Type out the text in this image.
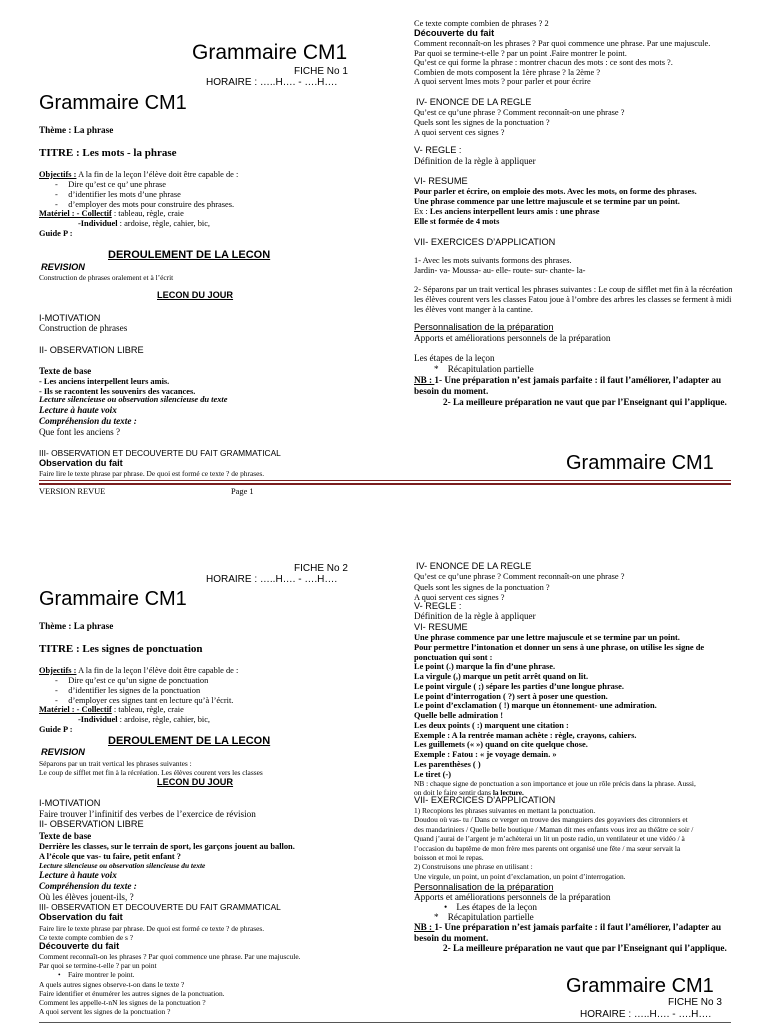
Grammaire CM1
FICHE No 1
HORAIRE : …..H…. - ….H….
Grammaire CM1
Thème : La phrase
TITRE : Les mots - la phrase
Objectifs : A la fin de la leçon l’élève doit être capable de :
-     Dire qu’est ce qu’ une phrase
-     d’identifier les mots d’une phrase
-     d’employer des mots pour construire des phrases.
Matériel : - Collectif : tableau, règle, craie
-Individuel : ardoise, règle, cahier, bic,
Guide P :
DEROULEMENT DE LA LECON
REVISION
Construction de phrases oralement et à l’écrit
LECON DU JOUR
I-MOTIVATION
Construction de phrases
II- OBSERVATION LIBRE
Texte de base
- Les anciens interpellent leurs amis.
- Ils se racontent les souvenirs des vacances.
Lecture silencieuse ou observation silencieuse du texte
Lecture à haute voix
Compréhension du texte :
Que font les anciens ?
III- OBSERVATION ET DECOUVERTE DU FAIT GRAMMATICAL
Observation du fait
Faire lire le texte phrase par phrase. De quoi est formé ce texte ? de phrases.
Ce texte compte combien de phrases ? 2
Découverte du fait
Comment reconnaît-on les phrases ? Par quoi commence une phrase. Par une majuscule.
Par quoi se termine-t-elle ? par un point .Faire montrer le point.
Qu’est ce qui forme la phrase : montrer chacun des mots : ce sont des mots ?.
Combien de mots composent la 1ère phrase ? la 2ème ?
A quoi servent lmes mots ? pour parler et pour écrire
IV- ENONCE DE LA REGLE
Qu’est ce qu’une phrase ? Comment reconnaît-on une phrase ?
Quels sont les signes de la ponctuation ?
A quoi servent ces signes ?
V- REGLE :
Définition de la règle à appliquer
VI- RESUME
Pour parler et écrire, on emploie des mots. Avec les mots, on forme des phrases.
Une phrase commence par une lettre majuscule et se termine par un point.
Ex : Les anciens interpellent leurs amis : une phrase
Elle st formée de 4 mots
VII- EXERCICES D’APPLICATION
1- Avec les mots suivants formons des phrases.
Jardin- va- Moussa- au- elle- route- sur- chante- la-
2- Séparons par un trait vertical les phrases suivantes : Le coup de sifflet met fin à la récréation
les élèves courent vers les classes Fatou joue à l’ombre des arbres les classes se ferment à midi
les élèves vont manger à la cantine.
Personnalisation de la préparation
Apports et améliorations personnels de la préparation
Les étapes de la leçon
*    Récapitulation partielle
NB : 1- Une préparation n’est jamais parfaite : il faut l’améliorer, l’adapter au
besoin du moment.
2- La meilleure préparation ne vaut que par l’Enseignant qui l’applique.
Grammaire CM1
VERSION REVUE	Page 1
FICHE No 2
HORAIRE : …..H…. - ….H….
Grammaire CM1
Thème : La phrase
TITRE : Les signes de ponctuation
Objectifs : A la fin de la leçon l’élève doit être capable de :
-     Dire qu’est ce qu’un signe de ponctuation
-     d’identifier les signes de la ponctuation
-     d’employer ces signes tant en lecture qu’à l’écrit.
Matériel : - Collectif : tableau, règle, craie
-Individuel : ardoise, règle, cahier, bic,
Guide P :
DEROULEMENT DE LA LECON
REVISION
Séparons par un trait vertical les phrases suivantes :
Le coup de sifflet met fin à la récréation. Les élèves courent vers les classes
LECON DU JOUR
I-MOTIVATION
Faire trouver l’infinitif des verbes de l’exercice de révision
II- OBSERVATION LIBRE
Texte de base
Derrière les classes, sur le terrain de sport, les garçons jouent au ballon.
A l’école que vas- tu faire, petit enfant ?
Lecture silencieuse ou observation silencieuse du texte
Lecture à haute voix
Compréhension du texte :
Où les élèves jouent-ils, ?
III- OBSERVATION ET DECOUVERTE DU FAIT GRAMMATICAL
Observation du fait
Faire lire le texte phrase par phrase. De quoi est formé ce texte ? de phrases.
Ce texte compte combien de s ?
Découverte du fait
Comment reconnaît-on les phrases ? Par quoi commence une phrase. Par une majuscule.
Par quoi se termine-t-elle ? par un point
•    Faire montrer le point.
A quels autres signes observe-t-on dans le texte ?
Faire identifier et énumérer les autres signes de la ponctuation.
Comment les appelle-t-nN les signes de la ponctuation ?
A quoi servent les signes de la ponctuation ?
IV- ENONCE DE LA REGLE
Qu’est ce qu’une phrase ? Comment reconnaît-on une phrase ?
Quels sont les signes de la ponctuation ?
A quoi servent ces signes ?
V- REGLE :
Définition de la règle à appliquer
VI- RESUME
Une phrase commence par une lettre majuscule et se termine par un point.
Pour permettre l’intonation et donner un sens à une phrase, on utilise les signe de
ponctuation qui sont :
Le point (.) marque la fin d’une phrase.
La virgule (,) marque un petit arrêt quand on lit.
Le point virgule ( ;) sépare les parties d’une longue phrase.
Le point d’interrogation ( ?) sert à poser une question.
Le point d’exclamation ( !) marque un étonnement- une admiration.
Quelle belle admiration !
Les deux points ( :) marquent une citation :
Exemple : A la rentrée maman achète : règle, crayons, cahiers.
Les guillemets (« ») quand on cite quelque chose.
Exemple : Fatou : « je voyage demain. »
Les parenthèses ( )
Le tiret (-)
NB : chaque signe de ponctuation a son importance et joue un rôle précis dans la phrase. Aussi,
on doit le faire sentir dans la lecture.
VII- EXERCICES D’APPLICATION
1) Recopions les phrases suivantes en mettant la ponctuation.
Doudou où vas- tu / Dans ce verger on trouve des manguiers des goyaviers des citronniers et
des mandariniers / Quelle belle boutique / Maman dit mes enfants vous irez au théâtre ce soir /
Quand j’aurai de l’argent je m’achèterai un lit un poste radio, un ventilateur et une vidéo / à
l’occasion du baptême de mon frère mes parents ont organisé une fête / ma sœur servait la
boisson et moi le repas.
2) Construisons une phrase en utilisant :
Une virgule, un point, un point d’exclamation, un point d’interrogation.
Personnalisation de la préparation
Apports et améliorations personnels de la préparation
•    Les étapes de la leçon
*    Récapitulation partielle
NB : 1- Une préparation n’est jamais parfaite : il faut l’améliorer, l’adapter au
besoin du moment.
2- La meilleure préparation ne vaut que par l’Enseignant qui l’applique.
Grammaire CM1
FICHE No 3
HORAIRE : …..H…. - ….H….
